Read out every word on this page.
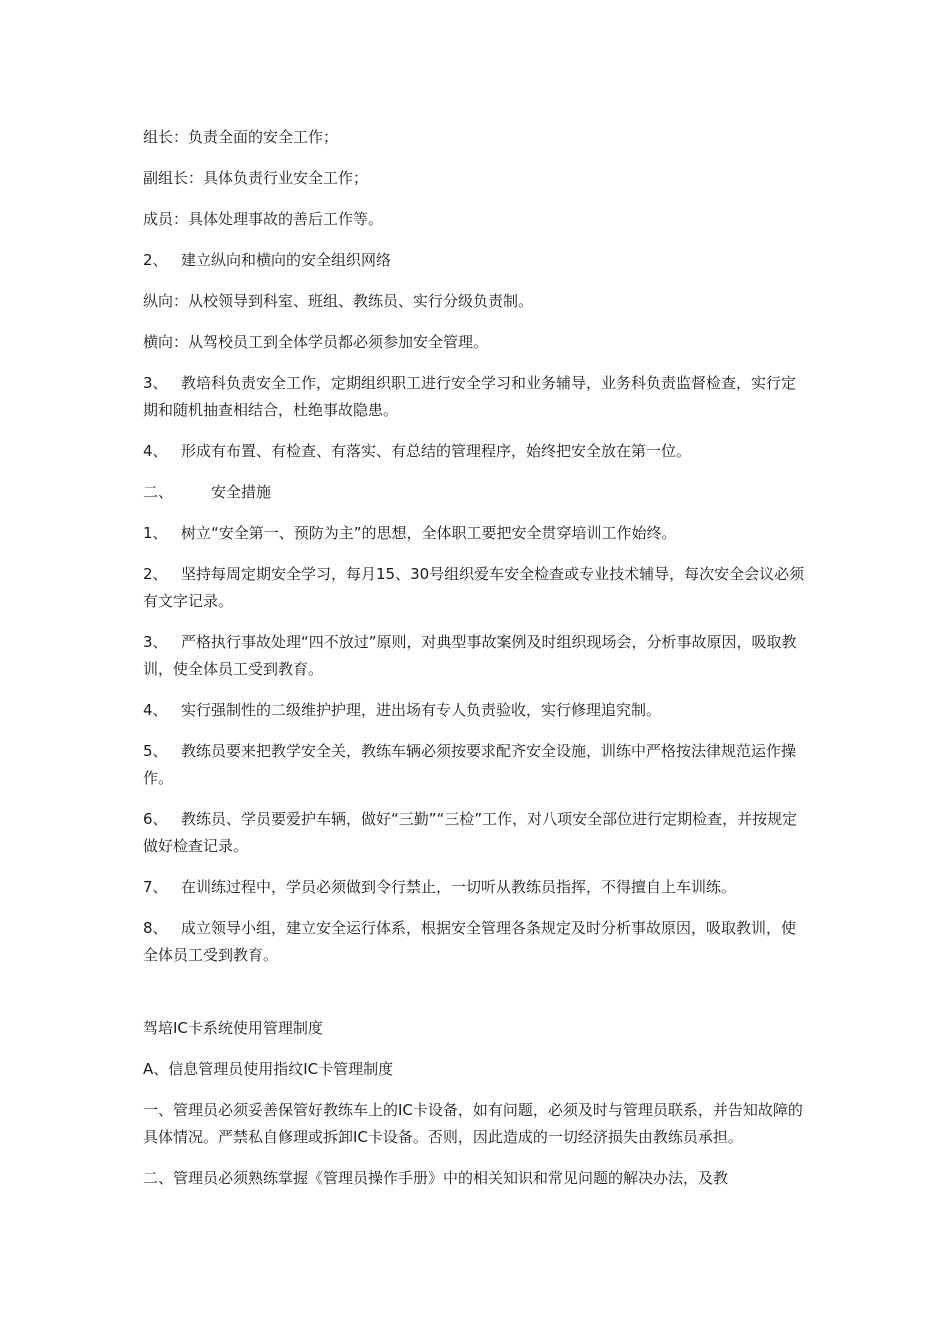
组长：负责全面的安全工作；

副组长：具体负责行业安全工作；

成员：具体处理事故的善后工作等。

2、 建立纵向和横向的安全组织网络

纵向：从校领导到科室、班组、教练员、实行分级负责制。

横向：从驾校员工到全体学员都必须参加安全管理。

3、 教培科负责安全工作，定期组织职工进行安全学习和业务辅导，业务科负责监督检查，实行定期和随机抽查相结合，杜绝事故隐患。

4、 形成有布置、有检查、有落实、有总结的管理程序，始终把安全放在第一位。

二、	安全措施

1、 树立“安全第一、预防为主”的思想，全体职工要把安全贯穿培训工作始终。

2、 坚持每周定期安全学习，每月15、30号组织爱车安全检查或专业技术辅导，每次安全会议必须有文字记录。

3、 严格执行事故处理“四不放过”原则，对典型事故案例及时组织现场会，分析事故原因，吸取教训，使全体员工受到教育。

4、 实行强制性的二级维护护理，进出场有专人负责验收，实行修理追究制。

5、 教练员要来把教学安全关，教练车辆必须按要求配齐安全设施，训练中严格按法律规范运作操作。

6、 教练员、学员要爱护车辆，做好“三勤”“三检”工作，对八项安全部位进行定期检查，并按规定做好检查记录。

7、 在训练过程中，学员必须做到令行禁止，一切听从教练员指挥，不得擅自上车训练。

8、 成立领导小组，建立安全运行体系，根据安全管理各条规定及时分析事故原因，吸取教训，使全体员工受到教育。

驾培IC卡系统使用管理制度

A、信息管理员使用指纹IC卡管理制度

一、管理员必须妥善保管好教练车上的IC卡设备，如有问题，必须及时与管理员联系，并告知故障的具体情况。严禁私自修理或拆卸IC卡设备。否则，因此造成的一切经济损失由教练员承担。

二、管理员必须熟练掌握《管理员操作手册》中的相关知识和常见问题的解决办法，及教
